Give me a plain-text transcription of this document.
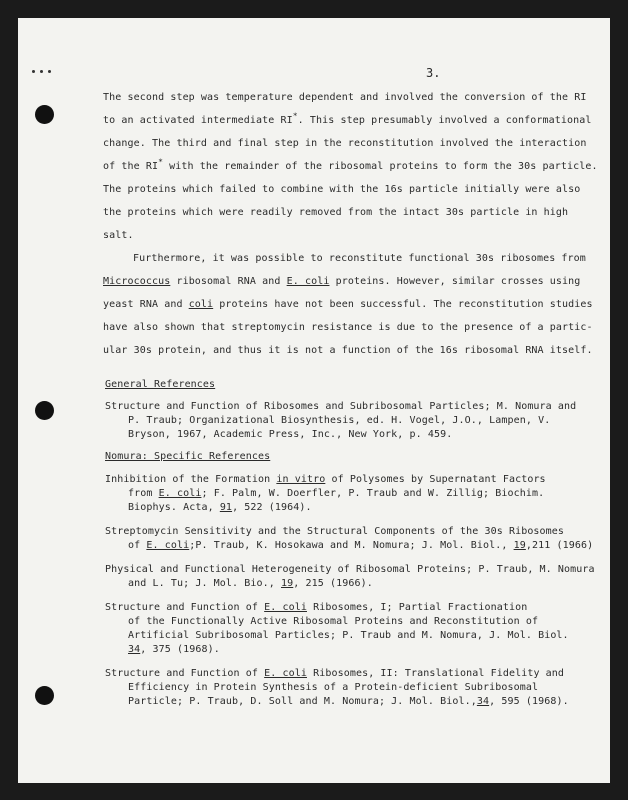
3.
The second step was temperature dependent and involved the conversion of the RI
to an activated intermediate RI*. This step presumably involved a conformational
change. The third and final step in the reconstitution involved the interaction
of the RI* with the remainder of the ribosomal proteins to form the 30s particle.
The proteins which failed to combine with the 16s particle initially were also
the proteins which were readily removed from the intact 30s particle in high
salt.
Furthermore, it was possible to reconstitute functional 30s ribosomes from
Micrococcus ribosomal RNA and E. coli proteins. However, similar crosses using
yeast RNA and coli proteins have not been successful. The reconstitution studies
have also shown that streptomycin resistance is due to the presence of a partic-
ular 30s protein, and thus it is not a function of the 16s ribosomal RNA itself.
General References
Structure and Function of Ribosomes and Subribosomal Particles; M. Nomura and
P. Traub; Organizational Biosynthesis, ed. H. Vogel, J.O., Lampen, V.
Bryson, 1967, Academic Press, Inc., New York, p. 459.
Nomura: Specific References
Inhibition of the Formation in vitro of Polysomes by Supernatant Factors
from E. coli; F. Palm, W. Doerfler, P. Traub and W. Zillig; Biochim.
Biophys. Acta, 91, 522 (1964).
Streptomycin Sensitivity and the Structural Components of the 30s Ribosomes
of E. coli;P. Traub, K. Hosokawa and M. Nomura; J. Mol. Biol., 19,211 (1966)
Physical and Functional Heterogeneity of Ribosomal Proteins; P. Traub, M. Nomura
and L. Tu; J. Mol. Bio., 19, 215 (1966).
Structure and Function of E. coli Ribosomes, I; Partial Fractionation
of the Functionally Active Ribosomal Proteins and Reconstitution of
Artificial Subribosomal Particles; P. Traub and M. Nomura, J. Mol. Biol.
34, 375 (1968).
Structure and Function of E. coli Ribosomes, II: Translational Fidelity and
Efficiency in Protein Synthesis of a Protein-deficient Subribosomal
Particle; P. Traub, D. Soll and M. Nomura; J. Mol. Biol.,34, 595 (1968).
